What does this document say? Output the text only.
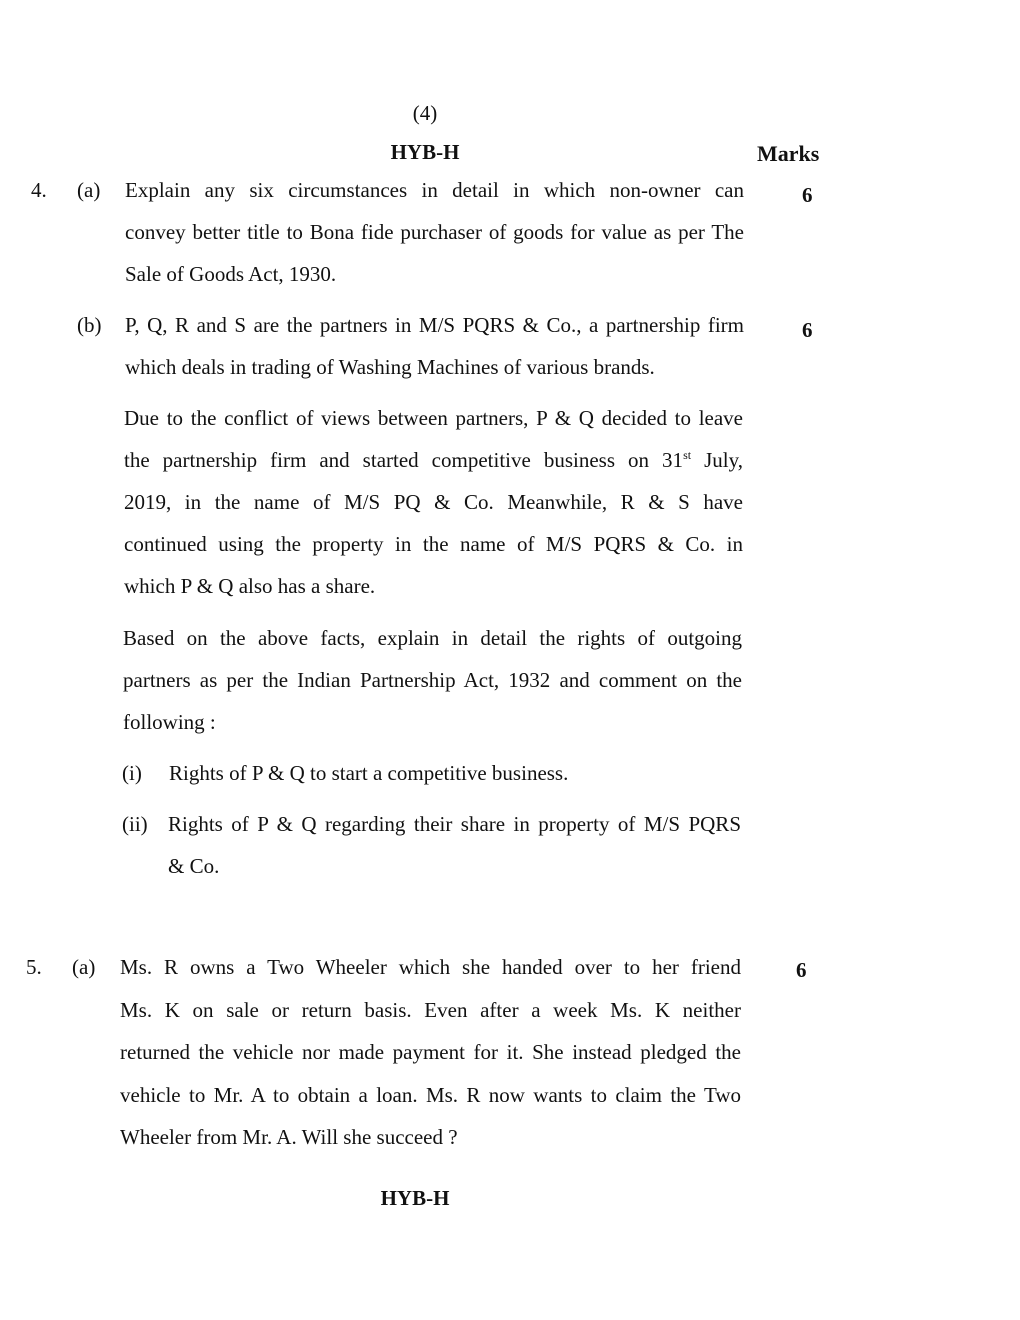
(4)
HYB-H	Marks
4. (a)	6
Explain any six circumstances in detail in which non-owner can
convey better title to Bona fide purchaser of goods for value as per The
Sale of Goods Act, 1930.
(b)	6
P, Q, R and S are the partners in M/S PQRS & Co., a partnership firm
which deals in trading of Washing Machines of various brands.
Due to the conflict of views between partners, P & Q decided to leave
the partnership firm and started competitive business on 31st July,
2019, in the name of M/S PQ & Co. Meanwhile, R & S have
continued using the property in the name of M/S PQRS & Co. in
which P & Q also has a share.
Based on the above facts, explain in detail the rights of outgoing
partners as per the Indian Partnership Act, 1932 and comment on the
following :
(i) Rights of P & Q to start a competitive business.
(ii) Rights of P & Q regarding their share in property of M/S PQRS
& Co.
5. (a)	6
Ms. R owns a Two Wheeler which she handed over to her friend
Ms. K on sale or return basis. Even after a week Ms. K neither
returned the vehicle nor made payment for it. She instead pledged the
vehicle to Mr. A to obtain a loan. Ms. R now wants to claim the Two
Wheeler from Mr. A. Will she succeed ?
HYB-H
